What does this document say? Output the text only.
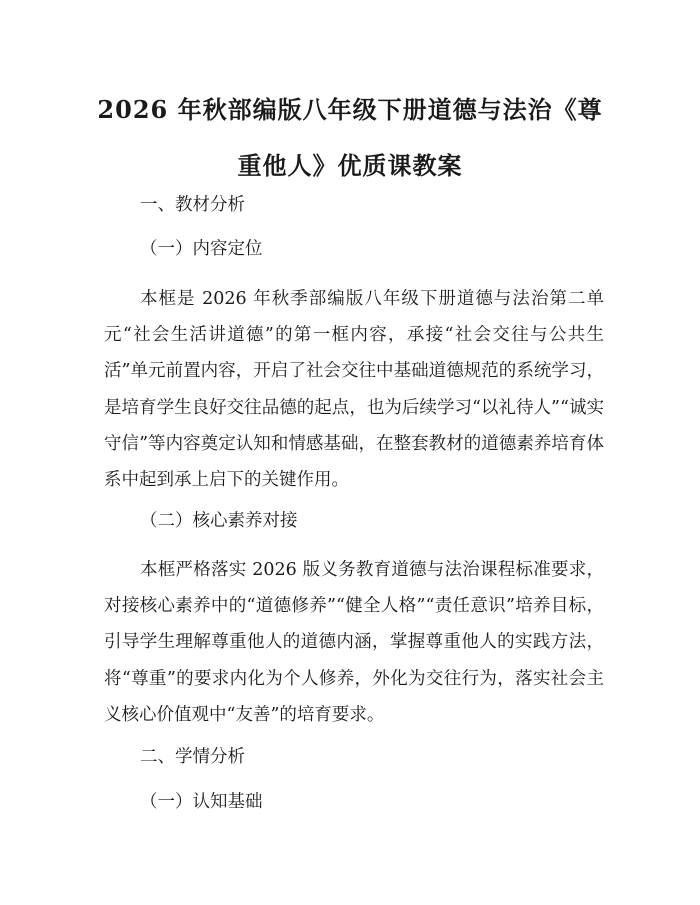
2026 年秋部编版八年级下册道德与法治《尊重他人》优质课教案

一、教材分析

（一）内容定位

本框是 2026 年秋季部编版八年级下册道德与法治第二单元“社会生活讲道德”的第一框内容，承接“社会交往与公共生活”单元前置内容，开启了社会交往中基础道德规范的系统学习，是培育学生良好交往品德的起点，也为后续学习“以礼待人”“诚实守信”等内容奠定认知和情感基础，在整套教材的道德素养培育体系中起到承上启下的关键作用。

（二）核心素养对接

本框严格落实 2026 版义务教育道德与法治课程标准要求，对接核心素养中的“道德修养”“健全人格”“责任意识”培养目标，引导学生理解尊重他人的道德内涵，掌握尊重他人的实践方法，将“尊重”的要求内化为个人修养，外化为交往行为，落实社会主义核心价值观中“友善”的培育要求。

二、学情分析

（一）认知基础
